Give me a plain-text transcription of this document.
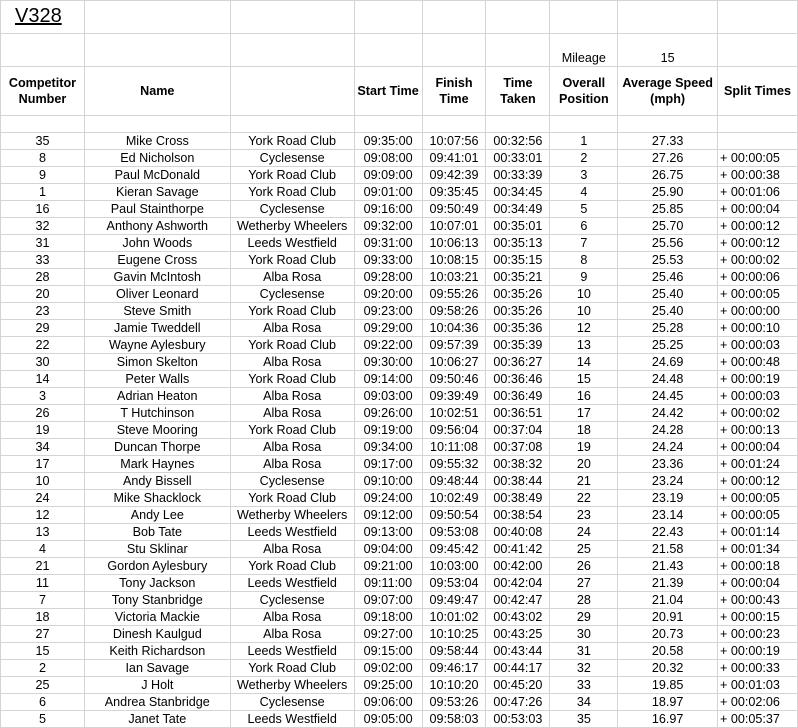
V328								
						Mileage	15	
Competitor Number	Name		Start Time	Finish Time	Time Taken	Overall Position	Average Speed (mph)	Split Times

35	Mike Cross	York Road Club	09:35:00	10:07:56	00:32:56	1	27.33	
8	Ed Nicholson	Cyclesense	09:08:00	09:41:01	00:33:01	2	27.26	+ 00:00:05
9	Paul McDonald	York Road Club	09:09:00	09:42:39	00:33:39	3	26.75	+ 00:00:38
1	Kieran Savage	York Road Club	09:01:00	09:35:45	00:34:45	4	25.90	+ 00:01:06
16	Paul Stainthorpe	Cyclesense	09:16:00	09:50:49	00:34:49	5	25.85	+ 00:00:04
32	Anthony Ashworth	Wetherby Wheelers	09:32:00	10:07:01	00:35:01	6	25.70	+ 00:00:12
31	John Woods	Leeds Westfield	09:31:00	10:06:13	00:35:13	7	25.56	+ 00:00:12
33	Eugene Cross	York Road Club	09:33:00	10:08:15	00:35:15	8	25.53	+ 00:00:02
28	Gavin McIntosh	Alba Rosa	09:28:00	10:03:21	00:35:21	9	25.46	+ 00:00:06
20	Oliver Leonard	Cyclesense	09:20:00	09:55:26	00:35:26	10	25.40	+ 00:00:05
23	Steve Smith	York Road Club	09:23:00	09:58:26	00:35:26	10	25.40	+ 00:00:00
29	Jamie Tweddell	Alba Rosa	09:29:00	10:04:36	00:35:36	12	25.28	+ 00:00:10
22	Wayne Aylesbury	York Road Club	09:22:00	09:57:39	00:35:39	13	25.25	+ 00:00:03
30	Simon Skelton	Alba Rosa	09:30:00	10:06:27	00:36:27	14	24.69	+ 00:00:48
14	Peter Walls	York Road Club	09:14:00	09:50:46	00:36:46	15	24.48	+ 00:00:19
3	Adrian Heaton	Alba Rosa	09:03:00	09:39:49	00:36:49	16	24.45	+ 00:00:03
26	T Hutchinson	Alba Rosa	09:26:00	10:02:51	00:36:51	17	24.42	+ 00:00:02
19	Steve Mooring	York Road Club	09:19:00	09:56:04	00:37:04	18	24.28	+ 00:00:13
34	Duncan Thorpe	Alba Rosa	09:34:00	10:11:08	00:37:08	19	24.24	+ 00:00:04
17	Mark Haynes	Alba Rosa	09:17:00	09:55:32	00:38:32	20	23.36	+ 00:01:24
10	Andy Bissell	Cyclesense	09:10:00	09:48:44	00:38:44	21	23.24	+ 00:00:12
24	Mike Shacklock	York Road Club	09:24:00	10:02:49	00:38:49	22	23.19	+ 00:00:05
12	Andy Lee	Wetherby Wheelers	09:12:00	09:50:54	00:38:54	23	23.14	+ 00:00:05
13	Bob Tate	Leeds Westfield	09:13:00	09:53:08	00:40:08	24	22.43	+ 00:01:14
4	Stu Sklinar	Alba Rosa	09:04:00	09:45:42	00:41:42	25	21.58	+ 00:01:34
21	Gordon Aylesbury	York Road Club	09:21:00	10:03:00	00:42:00	26	21.43	+ 00:00:18
11	Tony Jackson	Leeds Westfield	09:11:00	09:53:04	00:42:04	27	21.39	+ 00:00:04
7	Tony Stanbridge	Cyclesense	09:07:00	09:49:47	00:42:47	28	21.04	+ 00:00:43
18	Victoria Mackie	Alba Rosa	09:18:00	10:01:02	00:43:02	29	20.91	+ 00:00:15
27	Dinesh Kaulgud	Alba Rosa	09:27:00	10:10:25	00:43:25	30	20.73	+ 00:00:23
15	Keith Richardson	Leeds Westfield	09:15:00	09:58:44	00:43:44	31	20.58	+ 00:00:19
2	Ian Savage	York Road Club	09:02:00	09:46:17	00:44:17	32	20.32	+ 00:00:33
25	J Holt	Wetherby Wheelers	09:25:00	10:10:20	00:45:20	33	19.85	+ 00:01:03
6	Andrea Stanbridge	Cyclesense	09:06:00	09:53:26	00:47:26	34	18.97	+ 00:02:06
5	Janet Tate	Leeds Westfield	09:05:00	09:58:03	00:53:03	35	16.97	+ 00:05:37
